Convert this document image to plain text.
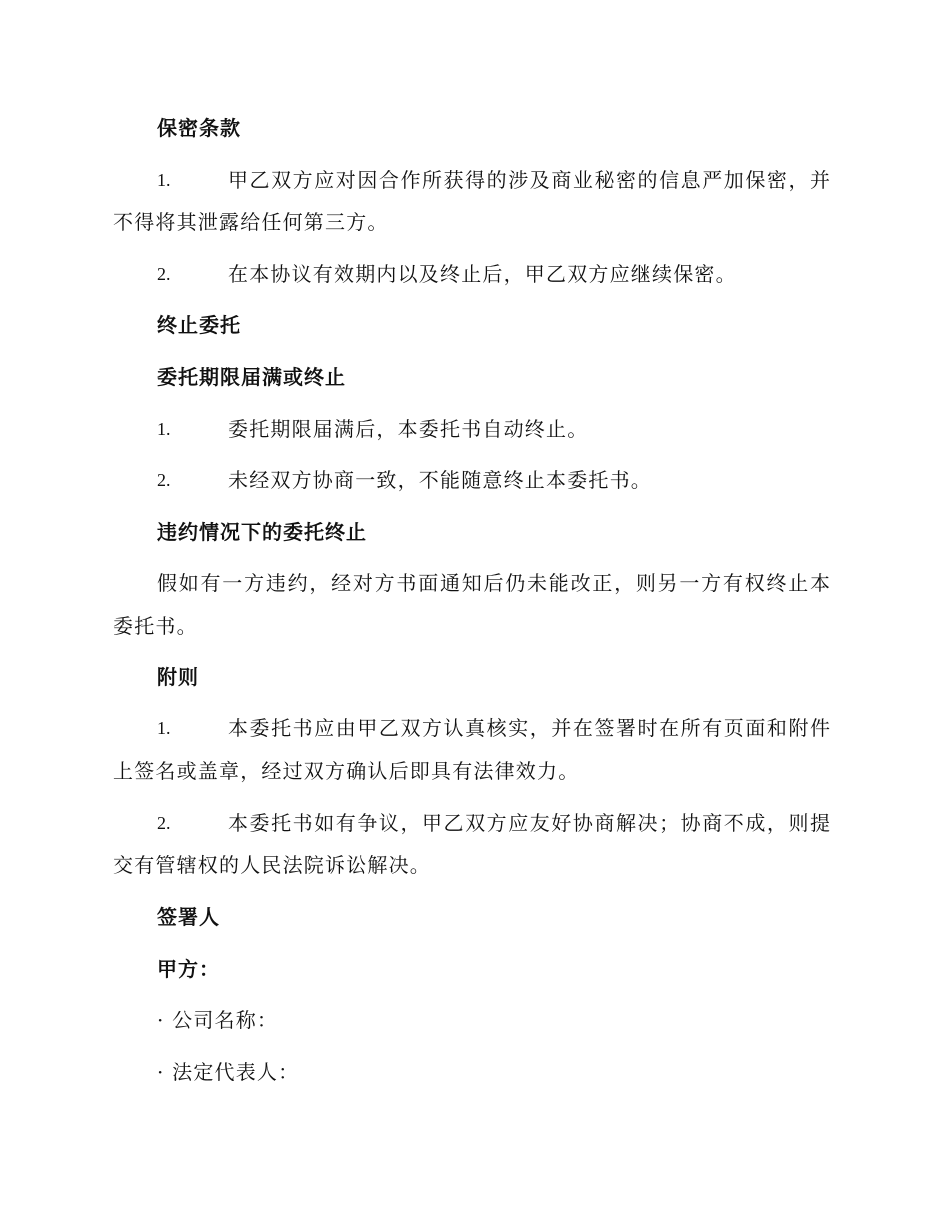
保密条款
1.	甲乙双方应对因合作所获得的涉及商业秘密的信息严加保密，并
不得将其泄露给任何第三方。
2.	在本协议有效期内以及终止后，甲乙双方应继续保密。
终止委托
委托期限届满或终止
1.	委托期限届满后，本委托书自动终止。
2.	未经双方协商一致，不能随意终止本委托书。
违约情况下的委托终止
假如有一方违约，经对方书面通知后仍未能改正，则另一方有权终止本
委托书。
附则
1.	本委托书应由甲乙双方认真核实，并在签署时在所有页面和附件
上签名或盖章，经过双方确认后即具有法律效力。
2.	本委托书如有争议，甲乙双方应友好协商解决；协商不成，则提
交有管辖权的人民法院诉讼解决。
签署人
甲方：
· 公司名称：
· 法定代表人：
